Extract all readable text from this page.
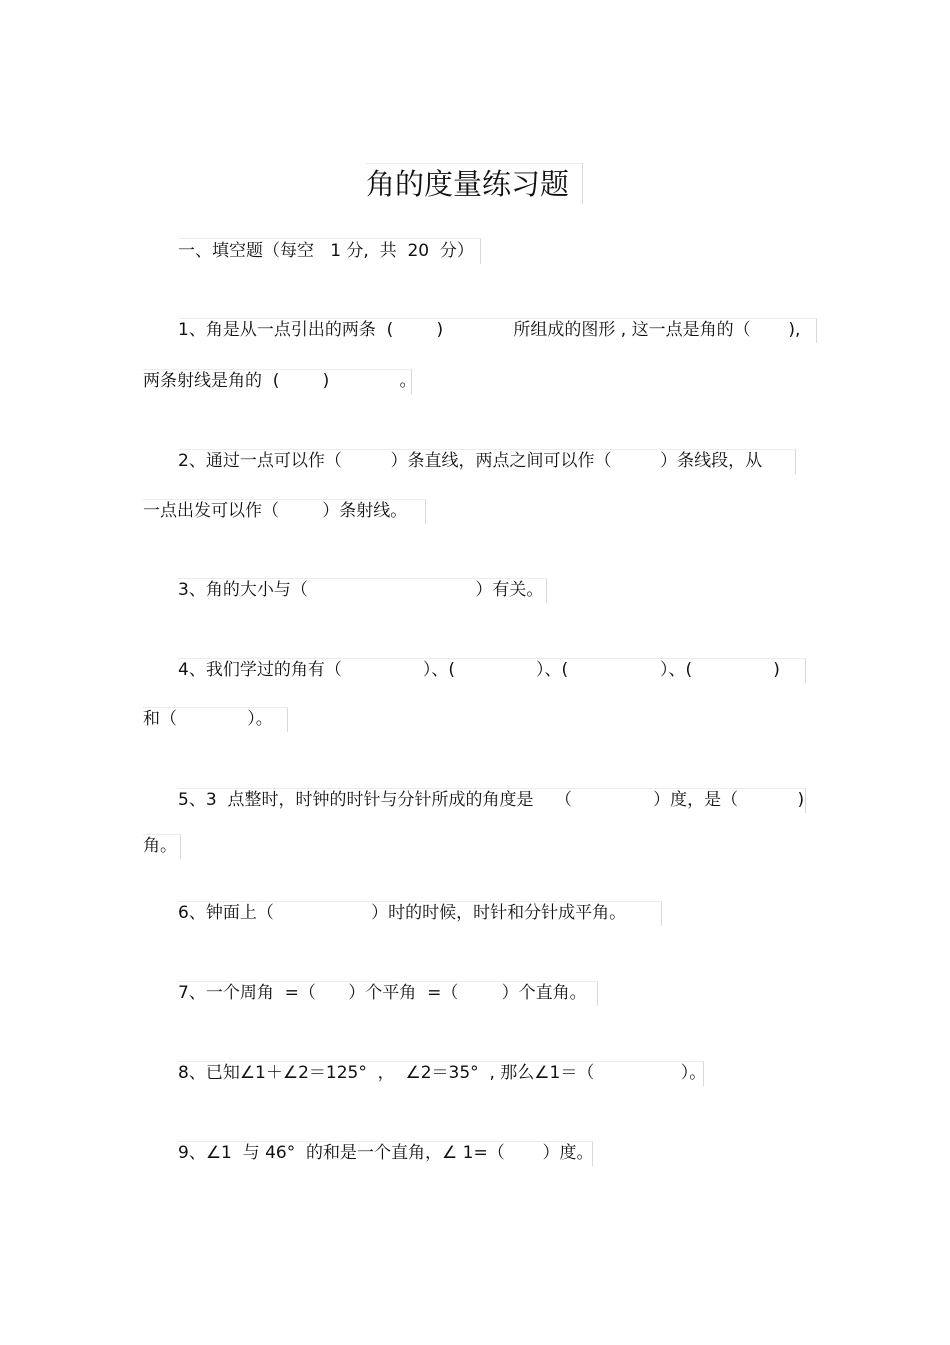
角的度量练习题
一、填空题（每空   1 分,  共  20  分）
1、角是从一点引出的两条  (        )             所组成的图形 , 这一点是角的（       ),
两条射线是角的  (        )             。
2、通过一点可以作（         ）条直线，两点之间可以作（         ）条线段，从
一点出发可以作（        ）条射线。
3、角的大小与（                               ）有关。
4、我们学过的角有（               ）、(               ）、(                 ）、(               )
和（             ）。
5、3  点整时，时钟的时针与分针所成的角度是    （               ）度，是（           )
角。
6、钟面上（                  ）时的时候，时针和分针成平角。
7、一个周角  =（      ）个平角  =（        ）个直角。
8、已知∠1＋∠2＝125°  ，  ∠2＝35°  , 那么∠1＝（                ）。
9、∠1  与 46°  的和是一个直角，∠ 1=（       ）度。
